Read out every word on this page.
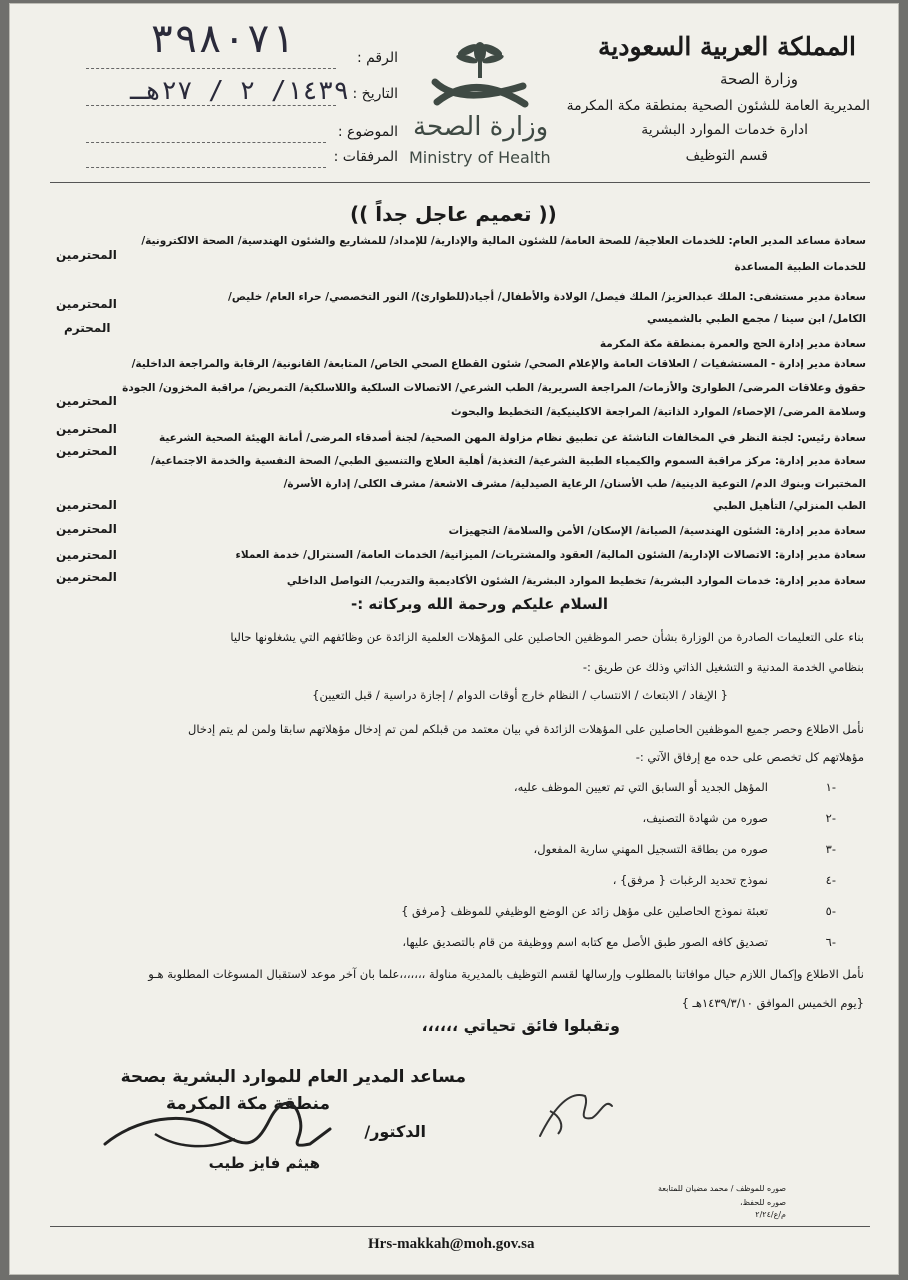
المملكة العربية السعودية
وزارة الصحة
المديرية العامة للشئون الصحية بمنطقة مكة المكرمة
ادارة خدمات الموارد البشرية
قسم التوظيف
وزارة الصحة
Ministry of Health
الرقم :
٣٩٨٠٧١
التاريخ :
١٤٣٩/ ٢ / ٢٧هـ
الموضوع :
المرفقات :
(( تعميم عاجل جداً ))
سعادة مساعد المدير العام: للخدمات العلاجية/ للصحة العامة/ للشئون المالية والإدارية/ للإمداد/ للمشاريع والشئون الهندسية/ الصحة الالكترونية/
المحترمين
للخدمات الطبية المساعدة
سعادة مدير مستشفى: الملك عبدالعزيز/ الملك فيصل/ الولادة والأطفال/ أجياد(للطوارئ)/ النور التخصصي/ حراء العام/ خليص/
المحترمين
الكامل/ ابن سينا / مجمع الطبي بالشميسي
المحترم
سعادة مدير إدارة الحج والعمرة بمنطقة مكة المكرمة
سعادة مدير إدارة - المستشفيات / العلاقات العامة والإعلام الصحي/ شئون القطاع الصحي الخاص/ المتابعة/ القانونية/ الرقابة والمراجعة الداخلية/
حقوق وعلاقات المرضى/ الطوارئ والأزمات/ المراجعة السريرية/ الطب الشرعي/ الاتصالات السلكية واللاسلكية/ التمريض/ مراقبة المخزون/ الجودة
المحترمين
وسلامة المرضى/ الإحصاء/ الموارد الذاتية/ المراجعة الاكلينيكية/ التخطيط والبحوث
سعادة رئيس: لجنة النظر في المخالفات الناشئة عن تطبيق نظام مزاولة المهن الصحية/ لجنة أصدقاء المرضى/ أمانة الهيئة الصحية الشرعية
المحترمين
سعادة مدير إدارة: مركز مراقبة السموم والكيمياء الطبية الشرعية/ التغذية/ أهلية العلاج والتنسيق الطبي/ الصحة النفسية والخدمة الاجتماعية/
المحترمين
المختبرات وبنوك الدم/ التوعية الدينية/ طب الأسنان/ الرعاية الصيدلية/ مشرف الاشعة/ مشرف الكلى/ إدارة الأسرة/
الطب المنزلي/ التأهيل الطبي
المحترمين
سعادة مدير إدارة: الشئون الهندسية/ الصيانة/ الإسكان/ الأمن والسلامة/ التجهيزات
المحترمين
سعادة مدير إدارة: الاتصالات الإدارية/ الشئون المالية/ العقود والمشتريات/ الميزانية/ الخدمات العامة/ السنترال/ خدمة العملاء
المحترمين
سعادة مدير إدارة: خدمات الموارد البشرية/ تخطيط الموارد البشرية/ الشئون الأكاديمية والتدريب/ التواصل الداخلي
المحترمين
السلام عليكم ورحمة الله وبركاته :-
بناء على التعليمات الصادرة من الوزارة بشأن حصر الموظفين الحاصلين على المؤهلات العلمية الزائدة عن وظائفهم التي يشغلونها حاليا
بنظامي الخدمة المدنية و التشغيل الذاتي وذلك عن طريق :-
{ الإيفاد / الابتعاث / الانتساب / النظام خارج أوقات الدوام / إجازة دراسية / قبل التعيين}
نأمل الاطلاع وحصر جميع الموظفين الحاصلين على المؤهلات الزائدة في بيان معتمد من قبلكم لمن تم إدخال مؤهلاتهم سابقا ولمن لم يتم إدخال
مؤهلاتهم كل تخصص على حده مع إرفاق الآتي :-
-١
المؤهل الجديد أو السابق التي تم تعيين الموظف عليه،
-٢
صوره من شهادة التصنيف،
-٣
صوره من بطاقة التسجيل المهني سارية المفعول،
-٤
نموذج تحديد الرغبات { مرفق} ،
-٥
تعبئة نموذج الحاصلين على مؤهل زائد عن الوضع الوظيفي للموظف {مرفق }
-٦
تصديق كافه الصور طبق الأصل مع كتابه اسم ووظيفة من قام بالتصديق عليها،
نأمل الاطلاع وإكمال اللازم حيال موافاتنا بالمطلوب وإرسالها لقسم التوظيف بالمديرية مناولة ،،،،،،،علما بان آخر موعد لاستقبال المسوغات المطلوبة هـو
{يوم الخميس الموافق ١٤٣٩/٣/١٠هـ }
وتقبلوا فائق تحياتي ،،،،،،
مساعد المدير العام للموارد البشرية بصحة
منطقة مكة المكرمة
الدكتور/
هيثم فايز طيب
صوره للموظف / محمد مضيان للمتابعة
صوره للحفظ،
م/ع/٢/٢٤
Hrs-makkah@moh.gov.sa
